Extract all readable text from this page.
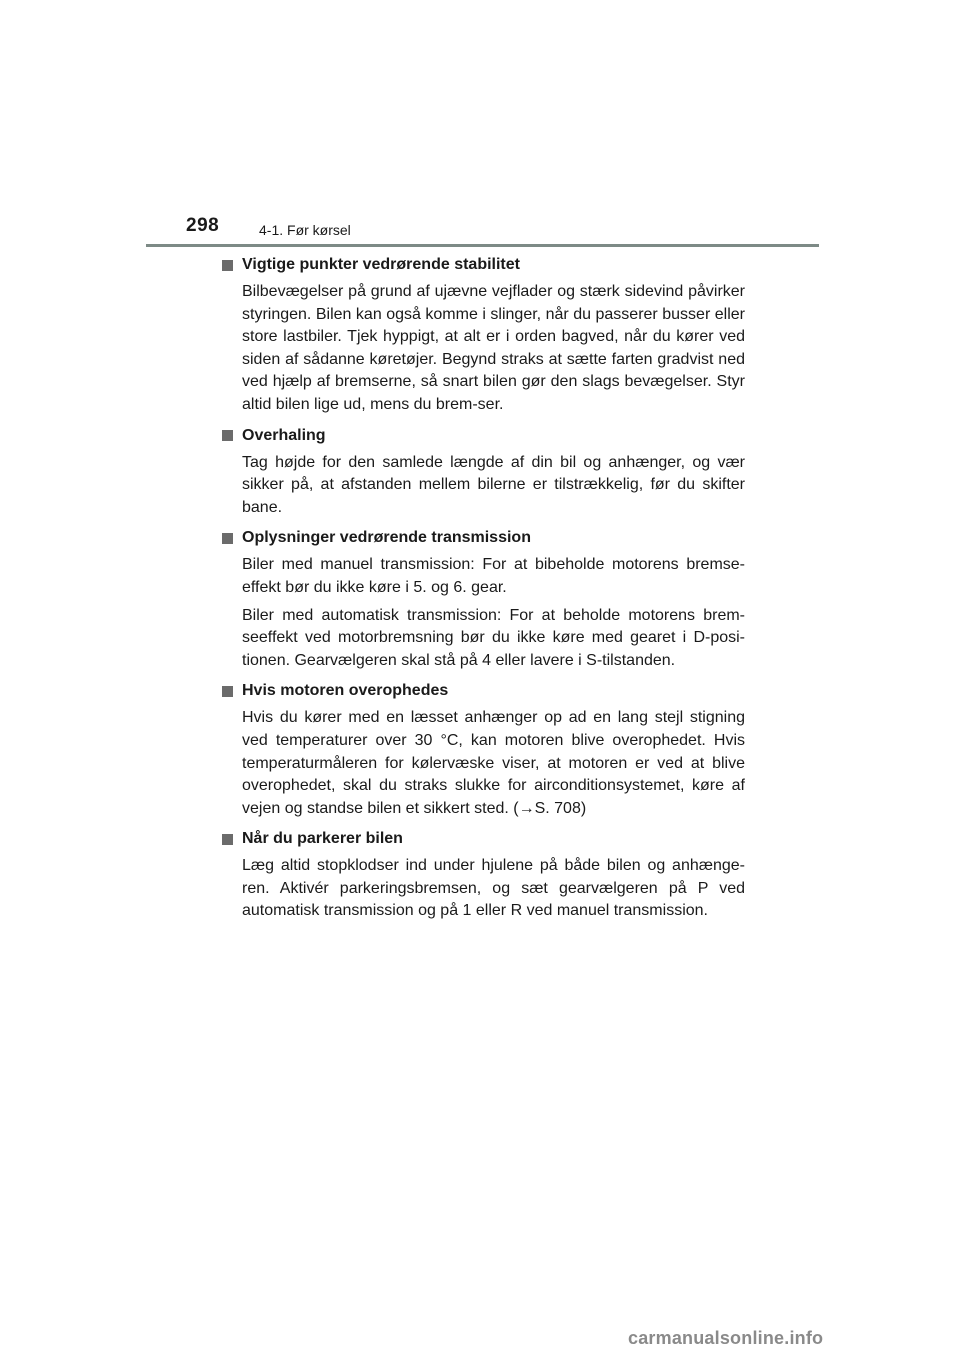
298	4-1. Før kørsel
Vigtige punkter vedrørende stabilitet

Bilbevægelser på grund af ujævne vejflader og stærk sidevind påvirker styringen. Bilen kan også komme i slinger, når du passerer busser eller store lastbiler. Tjek hyppigt, at alt er i orden bagved, når du kører ved siden af sådanne køretøjer. Begynd straks at sætte farten gradvist ned ved hjælp af bremserne, så snart bilen gør den slags bevægelser. Styr altid bilen lige ud, mens du brem-ser.

Overhaling

Tag højde for den samlede længde af din bil og anhænger, og vær sikker på, at afstanden mellem bilerne er tilstrækkelig, før du skifter bane.

Oplysninger vedrørende transmission

Biler med manuel transmission: For at bibeholde motorens bremse-effekt bør du ikke køre i 5. og 6. gear.

Biler med automatisk transmission: For at beholde motorens brem-seeffekt ved motorbremsning bør du ikke køre med gearet i D-posi-tionen. Gearvælgeren skal stå på 4 eller lavere i S-tilstanden.

Hvis motoren overophedes

Hvis du kører med en læsset anhænger op ad en lang stejl stigning ved temperaturer over 30 °C, kan motoren blive overophedet. Hvis temperaturmåleren for kølervæske viser, at motoren er ved at blive overophedet, skal du straks slukke for airconditionsystemet, køre af vejen og standse bilen et sikkert sted. (→S. 708)

Når du parkerer bilen

Læg altid stopklodser ind under hjulene på både bilen og anhænge-ren. Aktivér parkeringsbremsen, og sæt gearvælgeren på P ved automatisk transmission og på 1 eller R ved manuel transmission.

carmanualsonline.info
